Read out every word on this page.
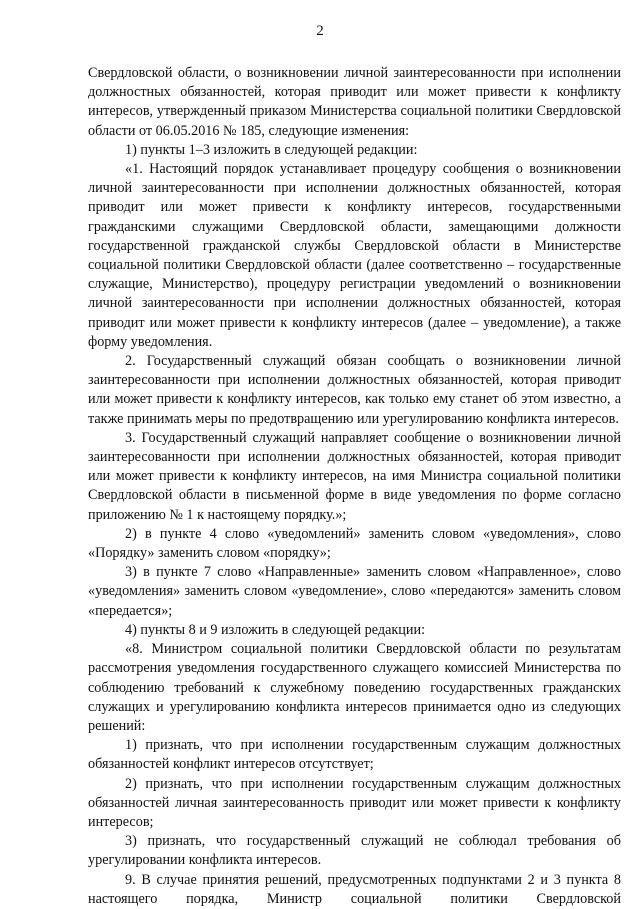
2

Свердловской области, о возникновении личной заинтересованности при исполнении должностных обязанностей, которая приводит или может привести к конфликту интересов, утвержденный приказом Министерства социальной политики Свердловской области от 06.05.2016 № 185, следующие изменения:

1) пункты 1–3 изложить в следующей редакции:

«1. Настоящий порядок устанавливает процедуру сообщения о возникновении личной заинтересованности при исполнении должностных обязанностей, которая приводит или может привести к конфликту интересов, государственными гражданскими служащими Свердловской области, замещающими должности государственной гражданской службы Свердловской области в Министерстве социальной политики Свердловской области (далее соответственно – государственные служащие, Министерство), процедуру регистрации уведомлений о возникновении личной заинтересованности при исполнении должностных обязанностей, которая приводит или может привести к конфликту интересов (далее – уведомление), а также форму уведомления.

2. Государственный служащий обязан сообщать о возникновении личной заинтересованности при исполнении должностных обязанностей, которая приводит или может привести к конфликту интересов, как только ему станет об этом известно, а также принимать меры по предотвращению или урегулированию конфликта интересов.

3. Государственный служащий направляет сообщение о возникновении личной заинтересованности при исполнении должностных обязанностей, которая приводит или может привести к конфликту интересов, на имя Министра социальной политики Свердловской области в письменной форме в виде уведомления по форме согласно приложению № 1 к настоящему порядку.»;

2) в пункте 4 слово «уведомлений» заменить словом «уведомления», слово «Порядку» заменить словом «порядку»;

3) в пункте 7 слово «Направленные» заменить словом «Направленное», слово «уведомления» заменить словом «уведомление», слово «передаются» заменить словом «передается»;

4) пункты 8 и 9 изложить в следующей редакции:

«8. Министром социальной политики Свердловской области по результатам рассмотрения уведомления государственного служащего комиссией Министерства по соблюдению требований к служебному поведению государственных гражданских служащих и урегулированию конфликта интересов принимается одно из следующих решений:

1) признать, что при исполнении государственным служащим должностных обязанностей конфликт интересов отсутствует;

2) признать, что при исполнении государственным служащим должностных обязанностей личная заинтересованность приводит или может привести к конфликту интересов;

3) признать, что государственный служащий не соблюдал требования об урегулировании конфликта интересов.

9. В случае принятия решений, предусмотренных подпунктами 2 и 3 пункта 8 настоящего порядка, Министр социальной политики Свердловской
